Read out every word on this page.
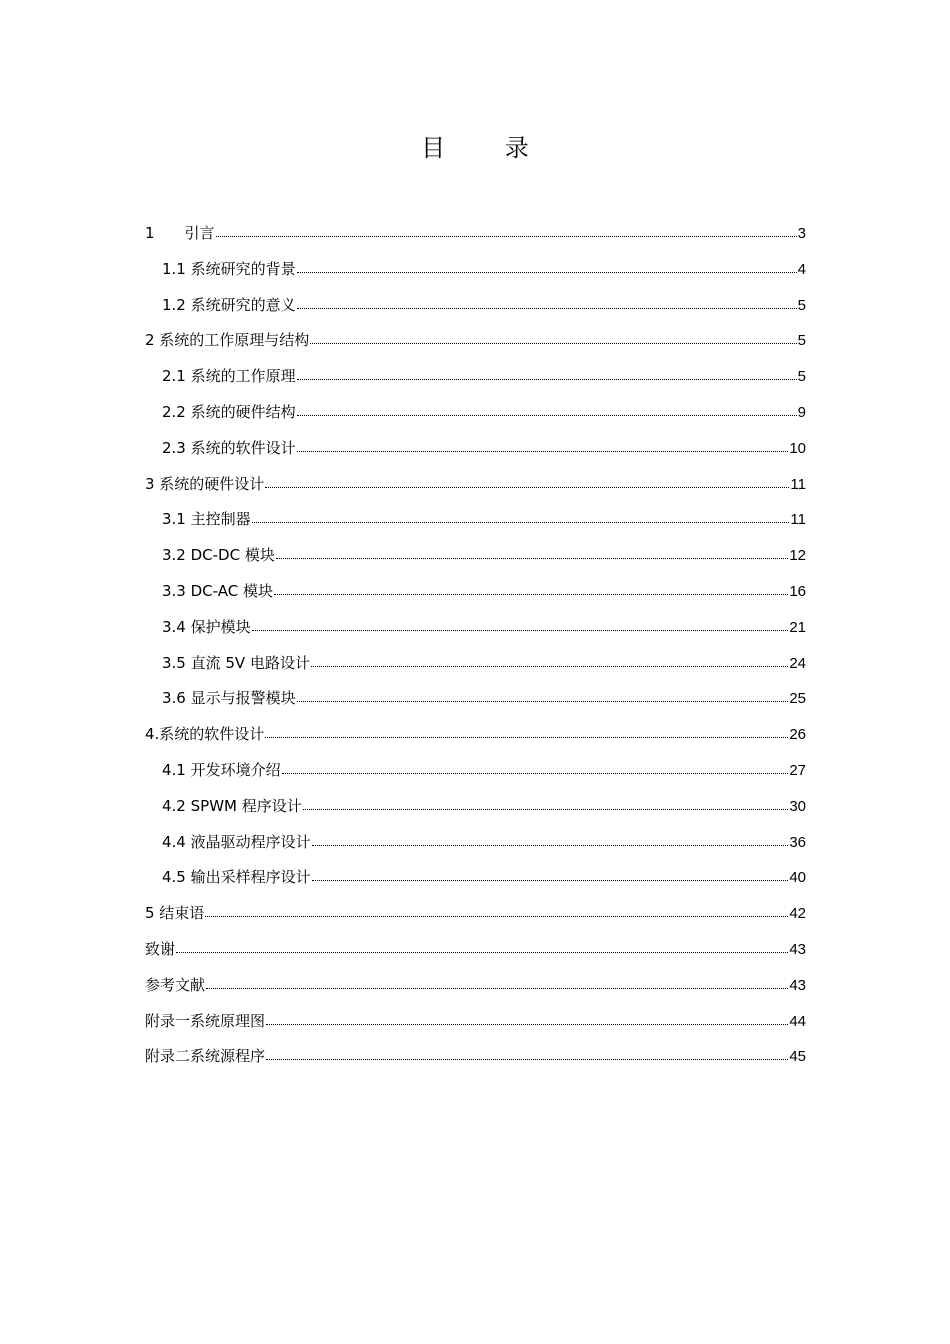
目 录
1　　引言	3
1.1 系统研究的背景	4
1.2 系统研究的意义	5
2 系统的工作原理与结构	5
2.1 系统的工作原理	5
2.2 系统的硬件结构	9
2.3 系统的软件设计	10
3 系统的硬件设计	11
3.1 主控制器	11
3.2 DC-DC 模块	12
3.3 DC-AC 模块	16
3.4 保护模块	21
3.5 直流 5V 电路设计	24
3.6 显示与报警模块	25
4.系统的软件设计	26
4.1 开发环境介绍	27
4.2 SPWM 程序设计	30
4.4 液晶驱动程序设计	36
4.5 输出采样程序设计	40
5 结束语	42
致谢	43
参考文献	43
附录一系统原理图	44
附录二系统源程序	45
